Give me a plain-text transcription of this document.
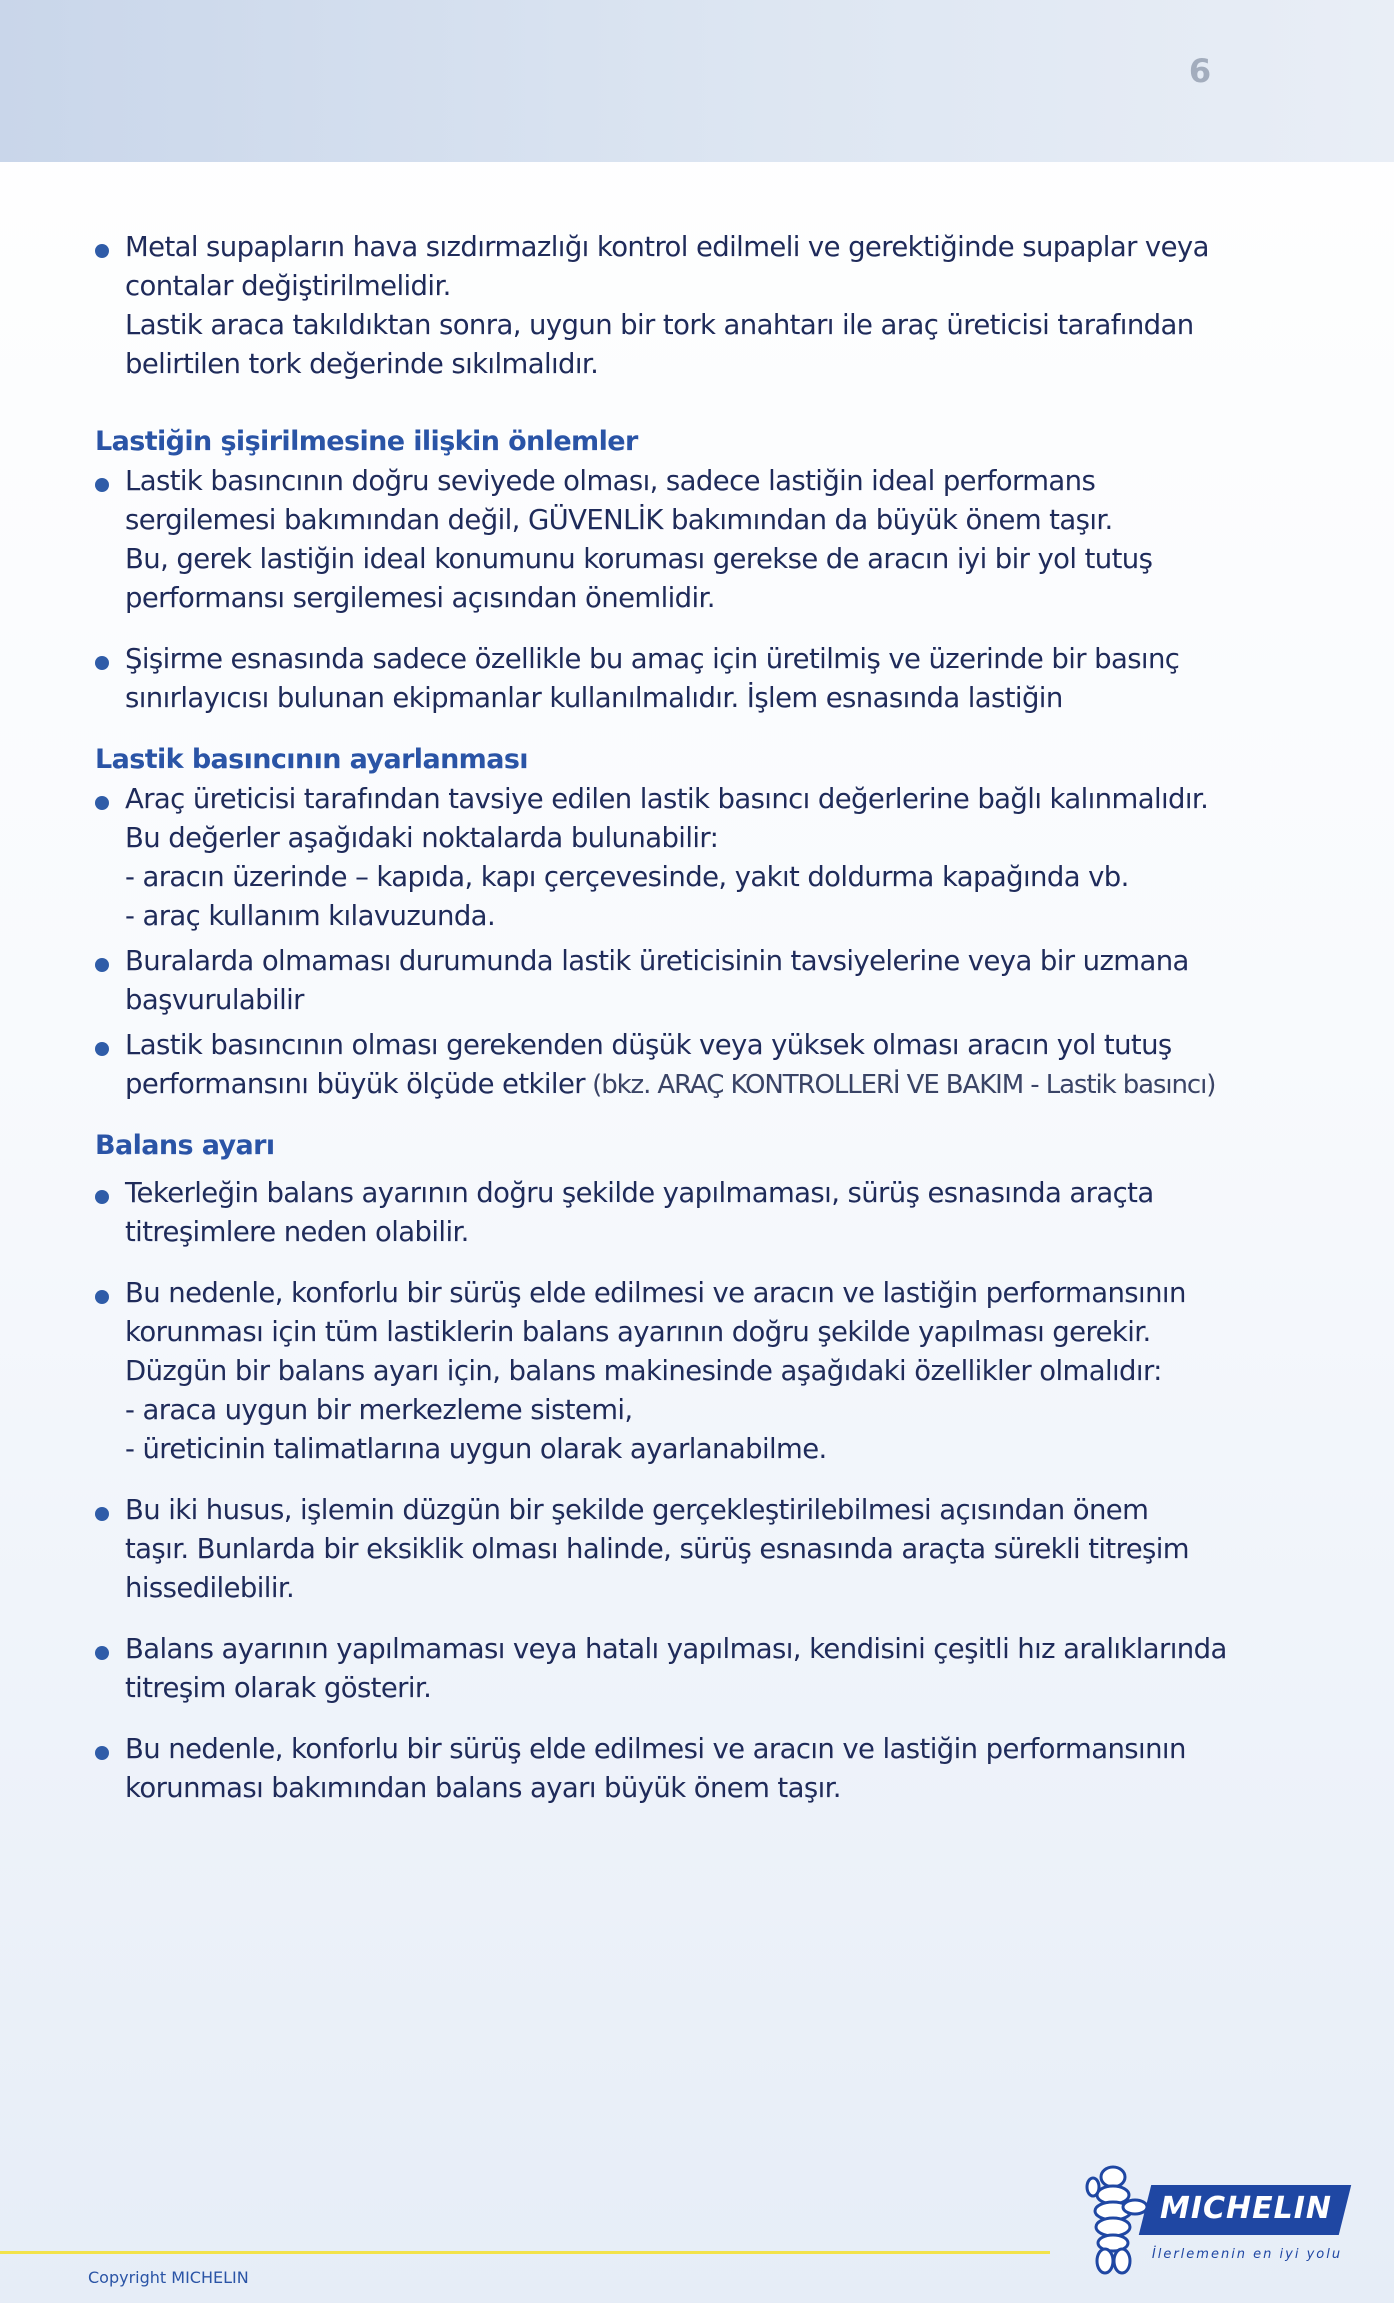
6
Metal supapların hava sızdırmazlığı kontrol edilmeli ve gerektiğinde supaplar veya
contalar değiştirilmelidir.
Lastik araca takıldıktan sonra, uygun bir tork anahtarı ile araç üreticisi tarafından
belirtilen tork değerinde sıkılmalıdır.
Lastiğin şişirilmesine ilişkin önlemler
Lastik basıncının doğru seviyede olması, sadece lastiğin ideal performans
sergilemesi bakımından değil, GÜVENLİK bakımından da büyük önem taşır.
Bu, gerek lastiğin ideal konumunu koruması gerekse de aracın iyi bir yol tutuş
performansı sergilemesi açısından önemlidir.
Şişirme esnasında sadece özellikle bu amaç için üretilmiş ve üzerinde bir basınç
sınırlayıcısı bulunan ekipmanlar kullanılmalıdır. İşlem esnasında lastiğin
Lastik basıncının ayarlanması
Araç üreticisi tarafından tavsiye edilen lastik basıncı değerlerine bağlı kalınmalıdır.
Bu değerler aşağıdaki noktalarda bulunabilir:
- aracın üzerinde – kapıda, kapı çerçevesinde, yakıt doldurma kapağında vb.
- araç kullanım kılavuzunda.
Buralarda olmaması durumunda lastik üreticisinin tavsiyelerine veya bir uzmana
başvurulabilir
Lastik basıncının olması gerekenden düşük veya yüksek olması aracın yol tutuş
performansını büyük ölçüde etkiler (bkz. ARAÇ KONTROLLERİ VE BAKIM - Lastik basıncı)
Balans ayarı
Tekerleğin balans ayarının doğru şekilde yapılmaması, sürüş esnasında araçta
titreşimlere neden olabilir.
Bu nedenle, konforlu bir sürüş elde edilmesi ve aracın ve lastiğin performansının
korunması için tüm lastiklerin balans ayarının doğru şekilde yapılması gerekir.
Düzgün bir balans ayarı için, balans makinesinde aşağıdaki özellikler olmalıdır:
- araca uygun bir merkezleme sistemi,
- üreticinin talimatlarına uygun olarak ayarlanabilme.
Bu iki husus, işlemin düzgün bir şekilde gerçekleştirilebilmesi açısından önem
taşır. Bunlarda bir eksiklik olması halinde, sürüş esnasında araçta sürekli titreşim
hissedilebilir.
Balans ayarının yapılmaması veya hatalı yapılması, kendisini çeşitli hız aralıklarında
titreşim olarak gösterir.
Bu nedenle, konforlu bir sürüş elde edilmesi ve aracın ve lastiğin performansının
korunması bakımından balans ayarı büyük önem taşır.
Copyright MICHELIN
MICHELIN
İlerlemenin en iyi yolu
